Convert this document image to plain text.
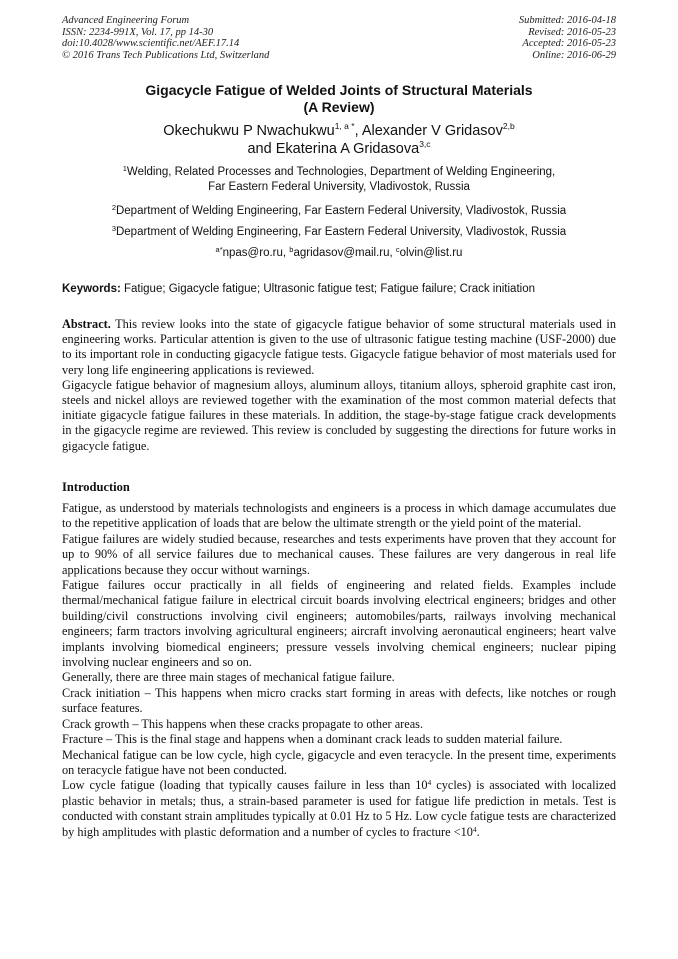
Advanced Engineering Forum
ISSN: 2234-991X, Vol. 17, pp 14-30
doi:10.4028/www.scientific.net/AEF.17.14
© 2016 Trans Tech Publications Ltd, Switzerland
Submitted: 2016-04-18
Revised: 2016-05-23
Accepted: 2016-05-23
Online: 2016-06-29
Gigacycle Fatigue of Welded Joints of Structural Materials
(A Review)
Okechukwu P Nwachukwu$^{1, a *}$, Alexander V Gridasov$^{2,b}$
and Ekaterina A Gridasova$^{3,c}$
$^1$Welding, Related Processes and Technologies, Department of Welding Engineering,
Far Eastern Federal University, Vladivostok, Russia
$^2$Department of Welding Engineering, Far Eastern Federal University, Vladivostok, Russia
$^3$Department of Welding Engineering, Far Eastern Federal University, Vladivostok, Russia
$^{a*}$npas@ro.ru, $^b$agridasov@mail.ru, $^c$olvin@list.ru
Keywords: Fatigue; Gigacycle fatigue; Ultrasonic fatigue test; Fatigue failure; Crack initiation

Abstract. This review looks into the state of gigacycle fatigue behavior of some structural materials used in engineering works. Particular attention is given to the use of ultrasonic fatigue testing machine (USF-2000) due to its important role in conducting gigacycle fatigue tests. Gigacycle fatigue behavior of most materials used for very long life engineering applications is reviewed.

Gigacycle fatigue behavior of magnesium alloys, aluminum alloys, titanium alloys, spheroid graphite cast iron, steels and nickel alloys are reviewed together with the examination of the most common material defects that initiate gigacycle fatigue failures in these materials. In addition, the stage-by-stage fatigue crack developments in the gigacycle regime are reviewed. This review is concluded by suggesting the directions for future works in gigacycle fatigue.

Introduction

Fatigue, as understood by materials technologists and engineers is a process in which damage accumulates due to the repetitive application of loads that are below the ultimate strength or the yield point of the material.

Fatigue failures are widely studied because, researches and tests experiments have proven that they account for up to 90% of all service failures due to mechanical causes. These failures are very dangerous in real life applications because they occur without warnings.

Fatigue failures occur practically in all fields of engineering and related fields. Examples include thermal/mechanical fatigue failure in electrical circuit boards involving electrical engineers; bridges and other building/civil constructions involving civil engineers; automobiles/parts, railways involving mechanical engineers; farm tractors involving agricultural engineers; aircraft involving aeronautical engineers; heart valve implants involving biomedical engineers; pressure vessels involving chemical engineers; nuclear piping involving nuclear engineers and so on.

Generally, there are three main stages of mechanical fatigue failure.

Crack initiation – This happens when micro cracks start forming in areas with defects, like notches or rough surface features.

Crack growth – This happens when these cracks propagate to other areas.

Fracture – This is the final stage and happens when a dominant crack leads to sudden material failure.

Mechanical fatigue can be low cycle, high cycle, gigacycle and even teracycle. In the present time, experiments on teracycle fatigue have not been conducted.

Low cycle fatigue (loading that typically causes failure in less than $10^4$ cycles) is associated with localized plastic behavior in metals; thus, a strain-based parameter is used for fatigue life prediction in metals. Test is conducted with constant strain amplitudes typically at 0.01 Hz to 5 Hz. Low cycle fatigue tests are characterized by high amplitudes with plastic deformation and a number of cycles to fracture $<10^4$.
